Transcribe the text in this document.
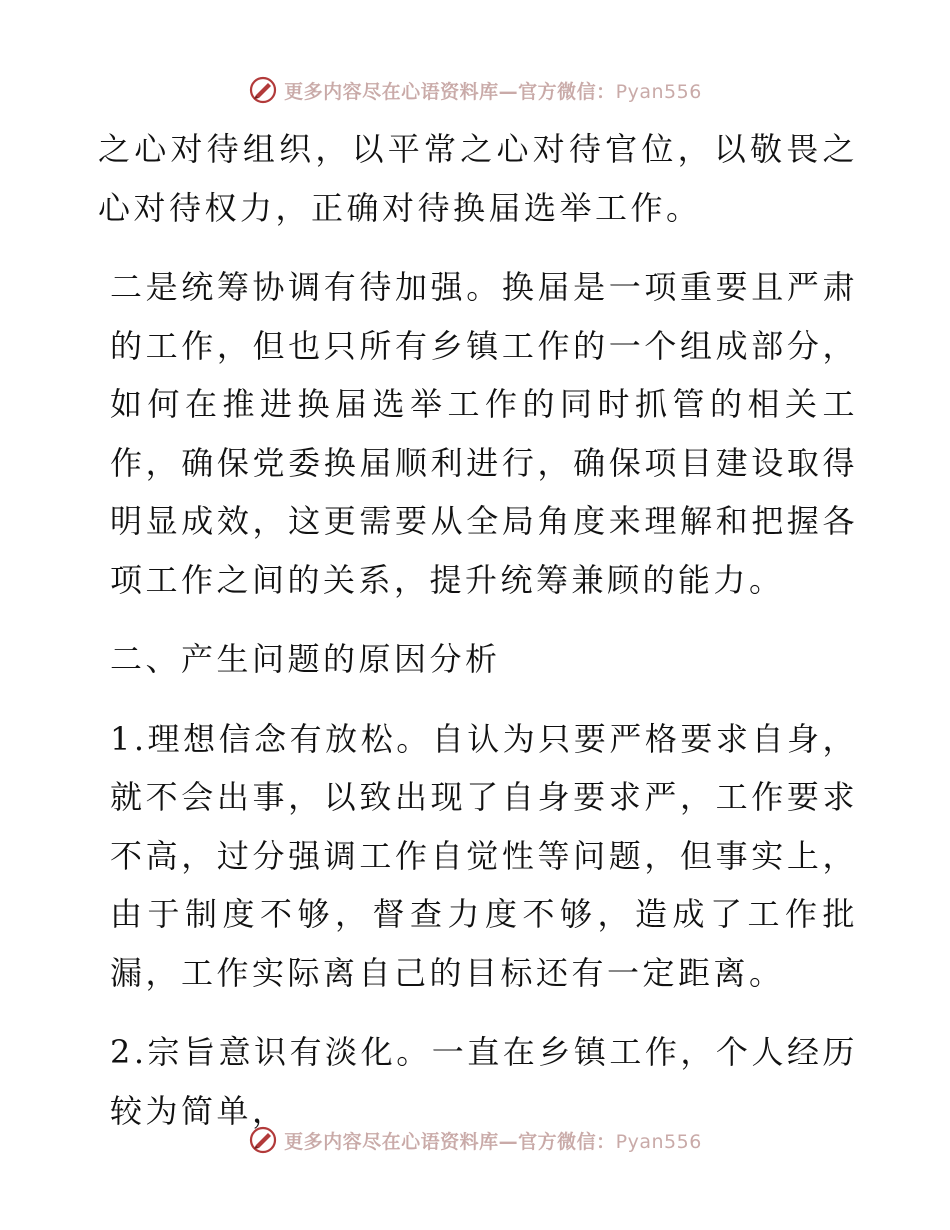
更多内容尽在心语资料库—官方微信：Pyan556

之心对待组织，以平常之心对待官位，以敬畏之心对待权力，正确对待换届选举工作。

二是统筹协调有待加强。换届是一项重要且严肃的工作，但也只所有乡镇工作的一个组成部分，如何在推进换届选举工作的同时抓管的相关工作，确保党委换届顺利进行，确保项目建设取得明显成效，这更需要从全局角度来理解和把握各项工作之间的关系，提升统筹兼顾的能力。

二、产生问题的原因分析

1.理想信念有放松。自认为只要严格要求自身，就不会出事，以致出现了自身要求严，工作要求不高，过分强调工作自觉性等问题，但事实上，由于制度不够，督查力度不够，造成了工作批漏，工作实际离自己的目标还有一定距离。

2.宗旨意识有淡化。一直在乡镇工作，个人经历较为简单，

更多内容尽在心语资料库—官方微信：Pyan556
